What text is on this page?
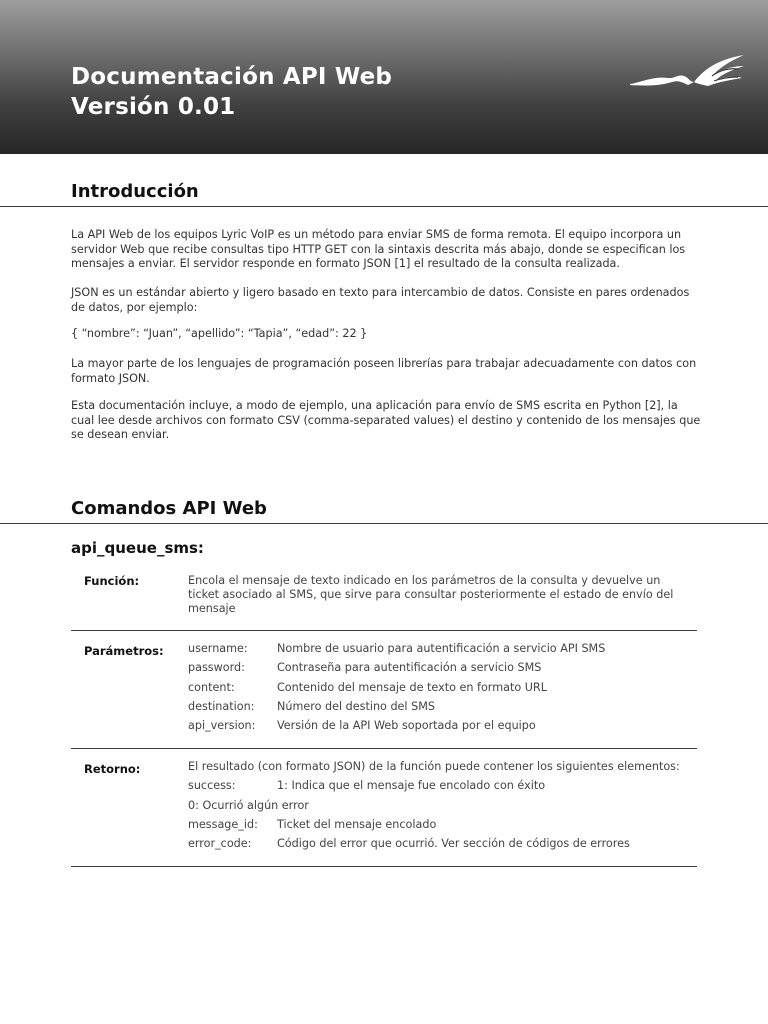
Documentación API Web
Versión 0.01
Introducción
La API Web de los equipos Lyric VoIP es un método para enviar SMS de forma remota. El equipo incorpora un servidor Web que recibe consultas tipo HTTP GET con la sintaxis descrita más abajo, donde se especifican los mensajes a enviar. El servidor responde en formato JSON [1] el resultado de la consulta realizada.
JSON es un estándar abierto y ligero basado en texto para intercambio de datos. Consiste en pares ordenados de datos, por ejemplo:
{ “nombre”: “Juan”, “apellido”: “Tapia”, “edad”: 22 }
La mayor parte de los lenguajes de programación poseen librerías para trabajar adecuadamente con datos con formato JSON.
Esta documentación incluye, a modo de ejemplo, una aplicación para envío de SMS escrita en Python [2], la cual lee desde archivos con formato CSV (comma-separated values) el destino y contenido de los mensajes que se desean enviar.
Comandos API Web
api_queue_sms:
Función:	Encola el mensaje de texto indicado en los parámetros de la consulta y devuelve un ticket asociado al SMS, que sirve para consultar posteriormente el estado de envío del mensaje
Parámetros: username:	Nombre de usuario para autentificación a servicio API SMS
password:	Contraseña para autentificación a servicio SMS
content:	Contenido del mensaje de texto en formato URL
destination: Número del destino del SMS
api_version: Versión de la API Web soportada por el equipo
Retorno:	El resultado (con formato JSON) de la función puede contener los siguientes elementos:
success:	1: Indica que el mensaje fue encolado con éxito
0: Ocurrió algún error
message_id: Ticket del mensaje encolado
error_code: Código del error que ocurrió. Ver sección de códigos de errores
